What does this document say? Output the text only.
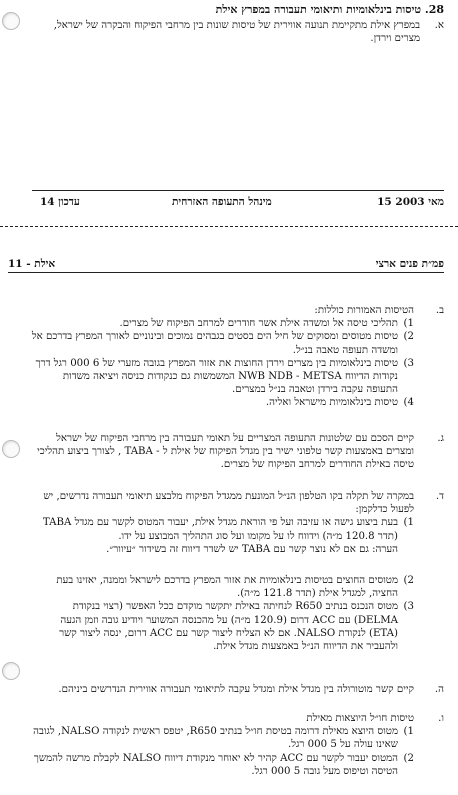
28. טיסות בינלאומיות ותיאומי תעבורה במפרץ אילת
א.
במפרץ אילת מתקיימת תנועה אווירית של טיסות שונות בין מרחבי הפיקוח והבקרה של ישראל, מצרים וירדן.
עדכון 14	מינהל התעופה האזרחית	15 מאי 2003
אילת - 11	פמ״ת פנים ארצי
ב.
הטיסות האמורות כוללות:
1)
תהליכי טיסה אל ומשדה אילת אשר חודרים למרחב הפיקוח של מצרים.
2)
טיסות מטוסים ומסוקים של חיל הים בסטים בגבהים נמוכים ובינוניים לאורך המפרץ בדרכם אל ומשדה תעופה טאבה בנ״ל.
3)
טיסות בינלאומיות בין מצרים וירדן החוצות את אזור המפרץ בגובה מזערי של 6 000 רגל דרך נקודות הדיווח NWB NDB - METSA המשמשות גם כנקודות כניסה ויציאה משדות התעופה עקבה בירדן וטאבה בנ״ל במצרים.
4)
טיסות בינלאומיות מישראל ואליה.
ג.
קיים הסכם עם שלטונות התעופה המצריים על תאומי תעבורה בין מרחבי הפיקוח של ישראל ומצרים באמצעות קשר טלפוני ישיר בין מגדל הפיקוח של אילת ל - TABA , לצורך ביצוע תהליכי טיסה באילת החודרים למרחב הפיקוח של מצרים.
ד.
במקרה של תקלה בקו הטלפון הנ״ל המונעת ממגדל הפיקוח מלבצע תיאומי תעבורה נדרשים, יש לפעול כדלקמן:
1)
בעת ביצוע גישה או עזיבה ועל פי הוראת מגדל אילת, יעבור המטוס לקשר עם מגדל TABA (תדר 120.8 מ״ה) וידווח לו על מקומו ועל סוג התהליך המבוצע על ידו.
הערה: גם אם לא נוצר קשר עם TABA יש לשדר דיווח זה בשידור ״עיוור״.
2)
מטוסים החוצים בטיסות בינלאומיות את אזור המפרץ בדרכם לישראל וממנה, יאזינו בעת החציה, למגדל אילת (תדר 121.8 מ״ה).
3)
מטוס הנכנס בנתיב R650 לנחיתה באילת יתקשר מוקדם ככל האפשר (רצוי בנקודת DELMA) עם ACC דרום (120.9 מ״ה) על מהכנסה המשוער ויודיע גובה וזמן הגעה (ETA) לנקודת NALSO. אם לא הצליח ליצור קשר עם ACC דרום, ינסה ליצור קשר ולהעביר את הדיווח הנ״ל באמצעות מגדל אילת.
ה.
קיים קשר מוטורולה בין מגדל אילת ומגדל עקבה לתיאומי תעבורה אווירית הנדרשים ביניהם.
ו.
טיסות חו״ל היוצאות מאילת
1)
מטוס היוצא מאילת דרומה בטיסת חו״ל בנתיב R650, יטפס ראשית לנקודה NALSO, לגובה שאינו עולה על 5 000 רגל.
2)
המטוס יעבור לקשר עם ACC קהיר לא יאוחר מנקודת דיווח NALSO לקבלת מרשה להמשך הטיסה וטיפוס מעל גובה 5 000 רגל.
